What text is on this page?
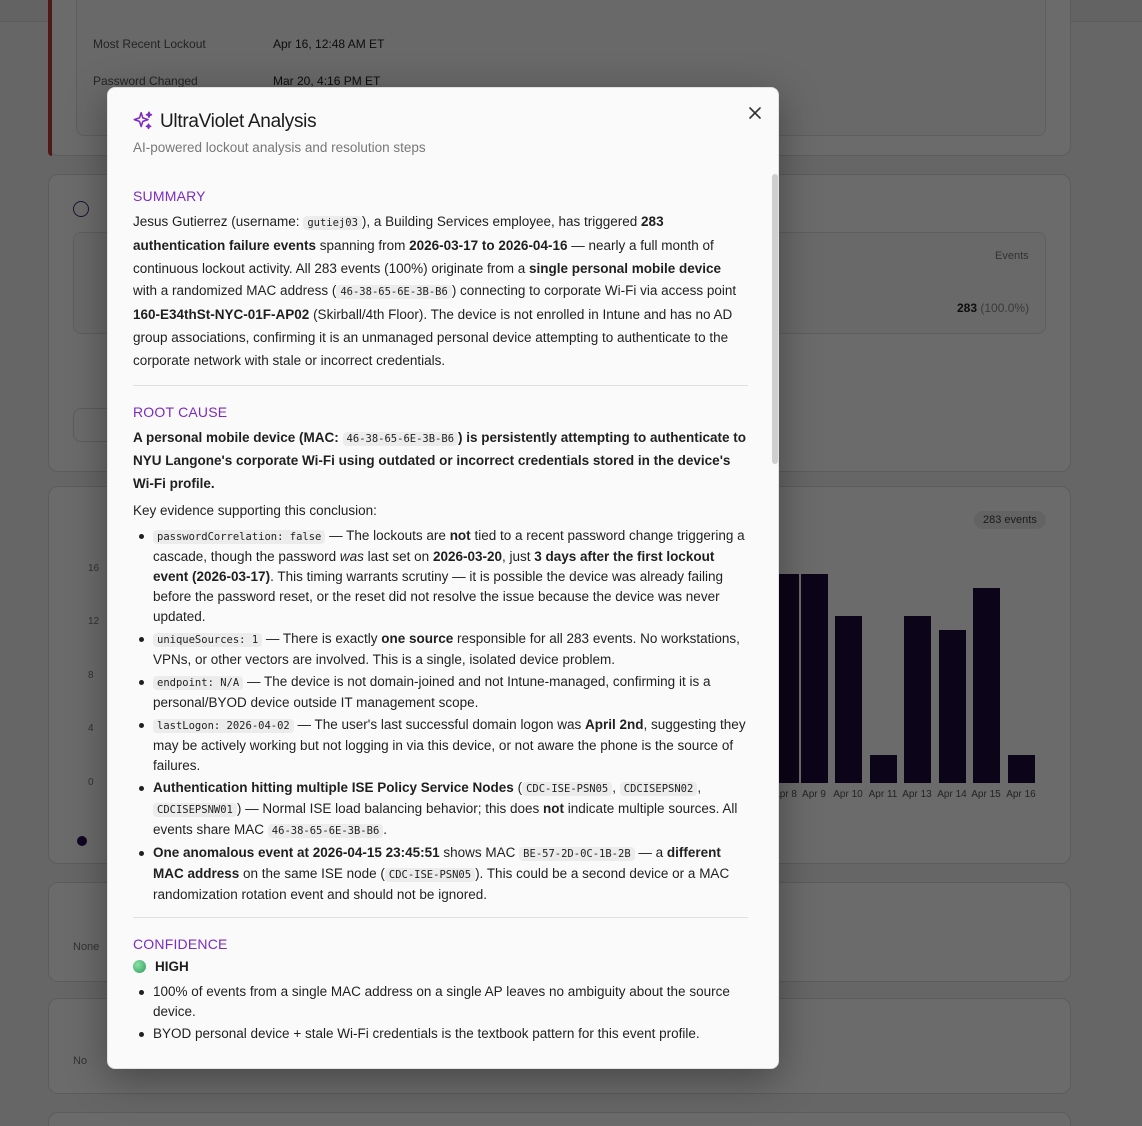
UltraViolet Analysis
AI-powered lockout analysis and resolution steps
SUMMARY

Jesus Gutierrez (username: gutiej03 ), a Building Services employee, has triggered 283 authentication failure events spanning from 2026-03-17 to 2026-04-16 — nearly a full month of continuous lockout activity. All 283 events (100%) originate from a single personal mobile device with a randomized MAC address ( 46-38-65-6E-3B-B6 ) connecting to corporate Wi-Fi via access point 160-E34thSt-NYC-01F-AP02 (Skirball/4th Floor). The device is not enrolled in Intune and has no AD group associations, confirming it is an unmanaged personal device attempting to authenticate to the corporate network with stale or incorrect credentials.

ROOT CAUSE

A personal mobile device (MAC: 46-38-65-6E-3B-B6 ) is persistently attempting to authenticate to NYU Langone's corporate Wi-Fi using outdated or incorrect credentials stored in the device's Wi-Fi profile.

Key evidence supporting this conclusion:

passwordCorrelation: false — The lockouts are not tied to a recent password change triggering a cascade, though the password was last set on 2026-03-20, just 3 days after the first lockout event (2026-03-17). This timing warrants scrutiny — it is possible the device was already failing before the password reset, or the reset did not resolve the issue because the device was never updated.
uniqueSources: 1 — There is exactly one source responsible for all 283 events. No workstations, VPNs, or other vectors are involved. This is a single, isolated device problem.
endpoint: N/A — The device is not domain-joined and not Intune-managed, confirming it is a personal/BYOD device outside IT management scope.
lastLogon: 2026-04-02 — The user's last successful domain logon was April 2nd, suggesting they may be actively working but not logging in via this device, or not aware the phone is the source of failures.
Authentication hitting multiple ISE Policy Service Nodes ( CDC-ISE-PSN05 , CDCISEPSN02 , CDCISEPSNW01 ) — Normal ISE load balancing behavior; this does not indicate multiple sources. All events share MAC 46-38-65-6E-3B-B6 .
One anomalous event at 2026-04-15 23:45:51 shows MAC BE-57-2D-0C-1B-2B — a different MAC address on the same ISE node ( CDC-ISE-PSN05 ). This could be a second device or a MAC randomization rotation event and should not be ignored.
CONFIDENCE
HIGH
100% of events from a single MAC address on a single AP leaves no ambiguity about the source device.
BYOD personal device + stale Wi-Fi credentials is the textbook pattern for this event profile.
